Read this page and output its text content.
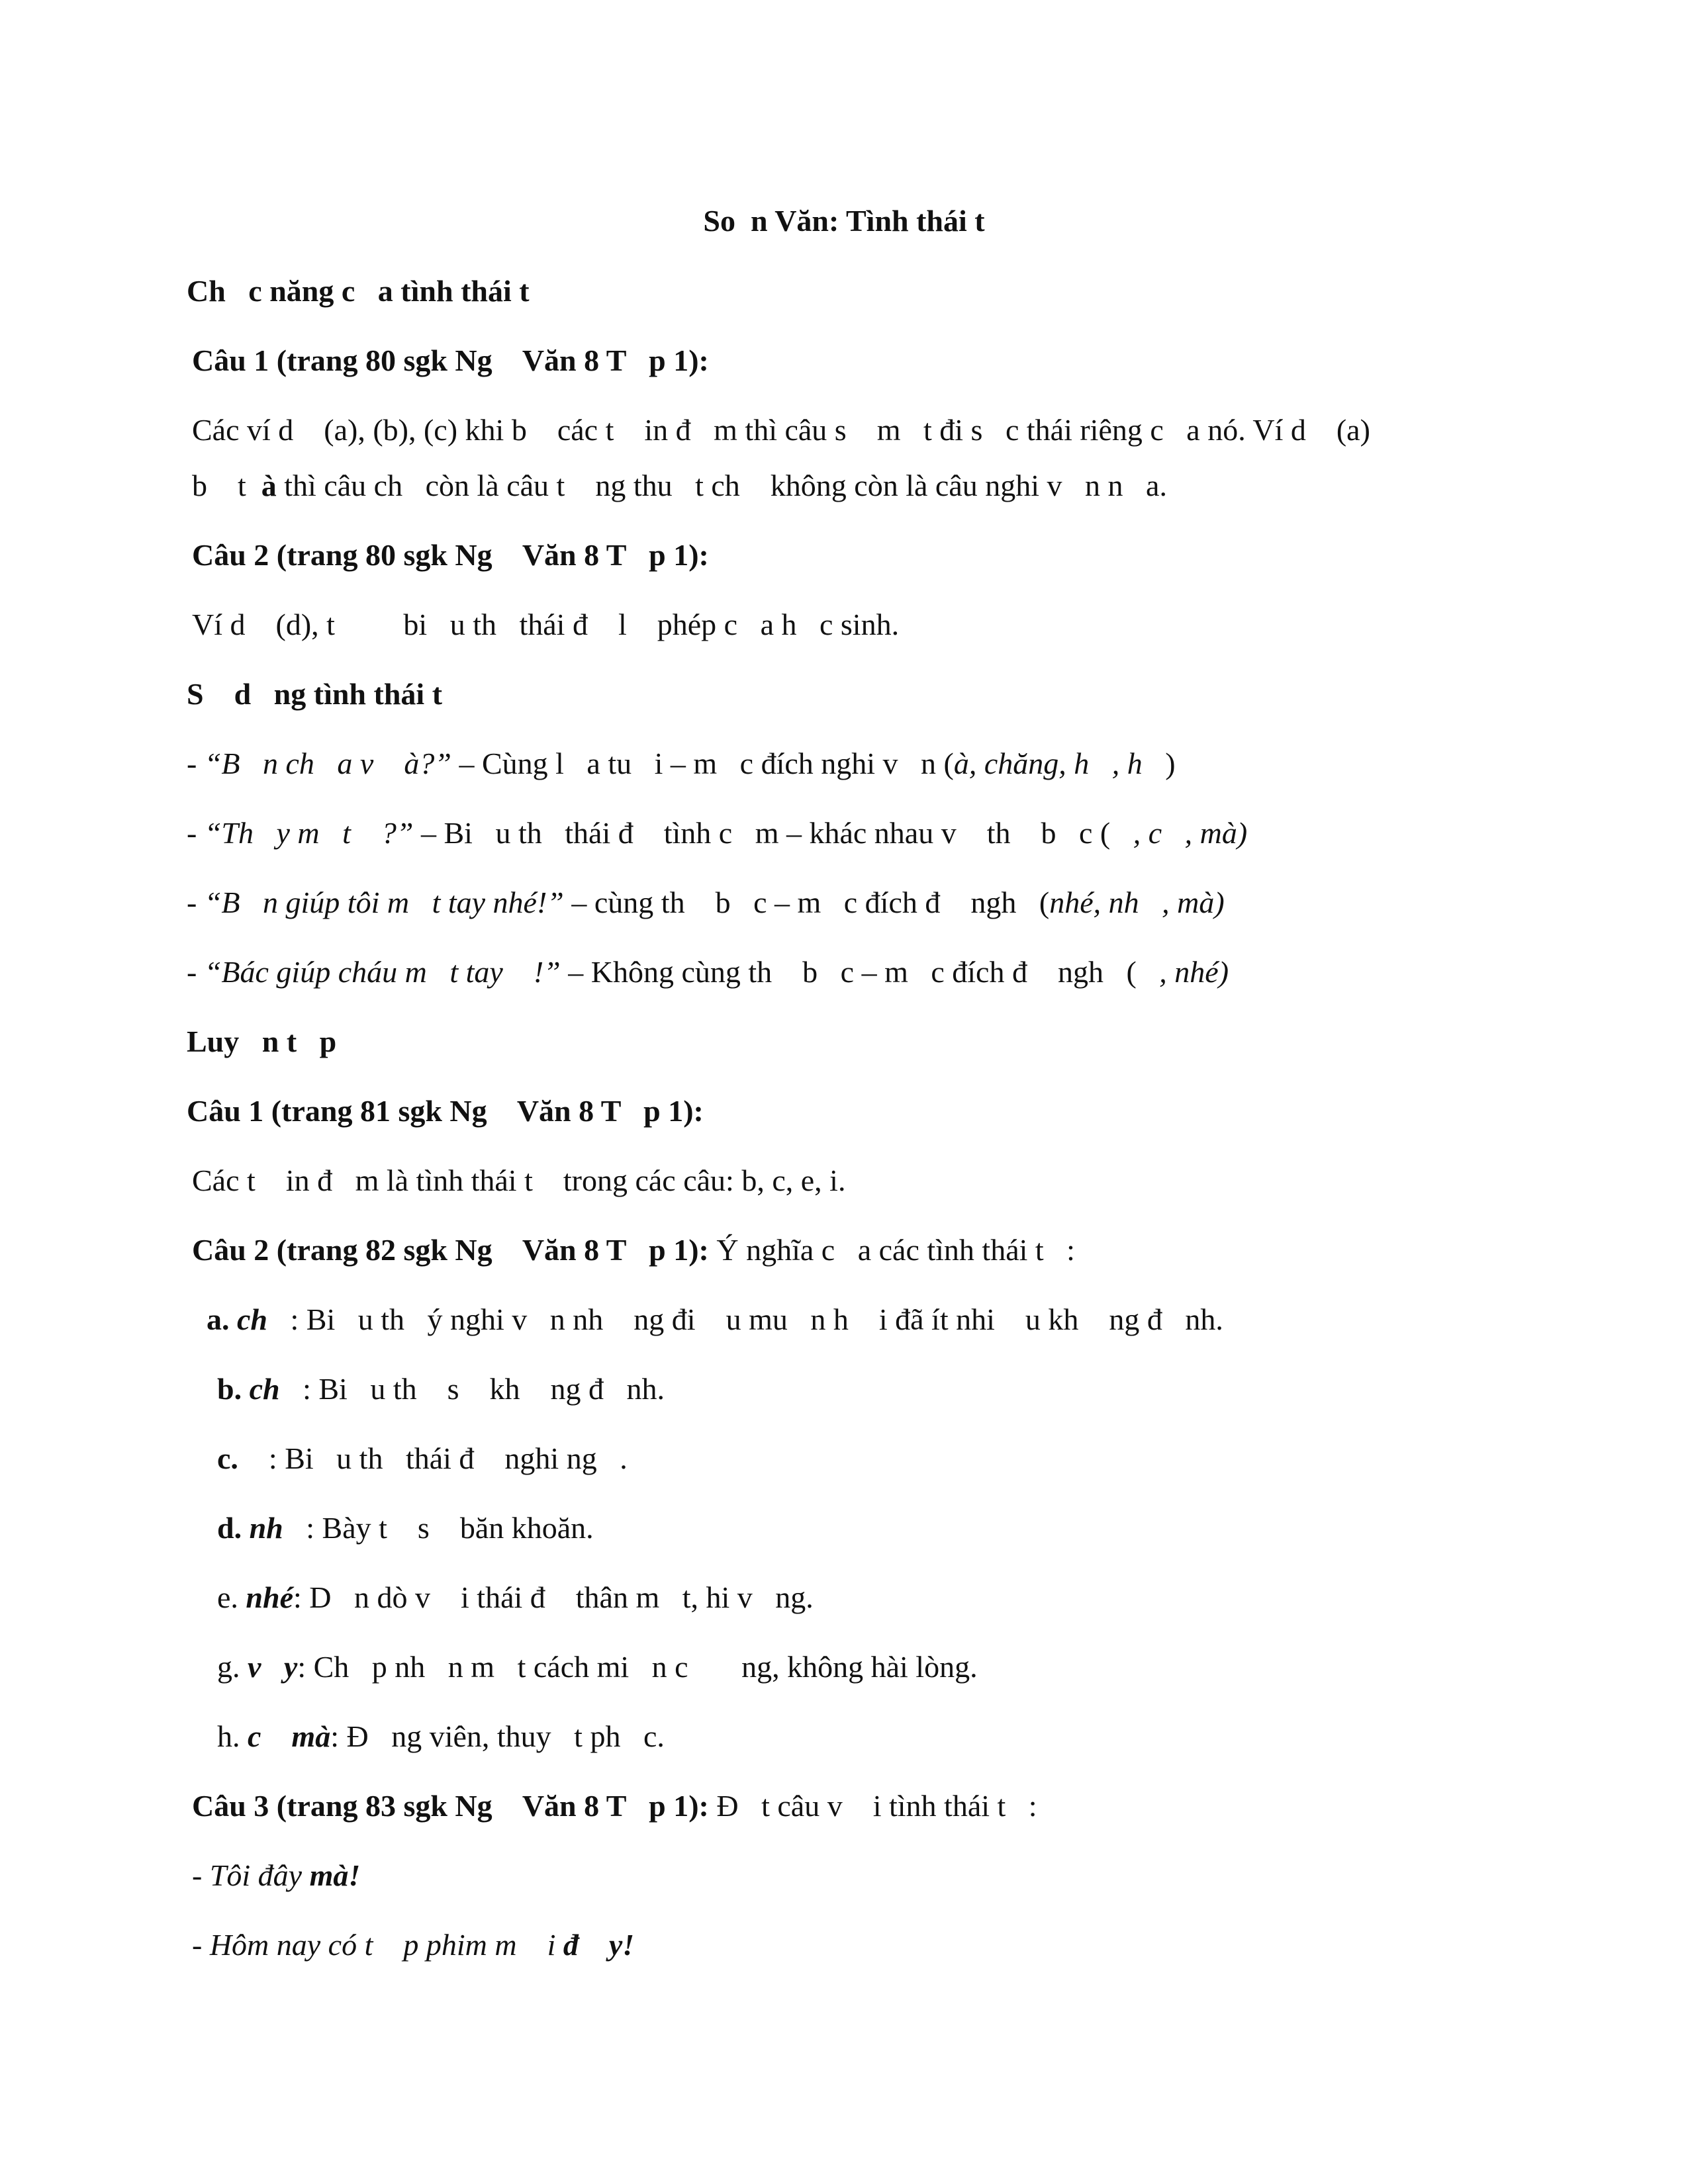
So  n Văn: Tình thái t
Ch   c năng c   a tình thái t
Câu 1 (trang 80 sgk Ng    Văn 8 T   p 1):
Các ví d    (a), (b), (c) khi b    các t    in đ   m thì câu s    m   t đi s   c thái riêng c   a nó. Ví d    (a)
b    t  à thì câu ch   còn là câu t    ng thu   t ch    không còn là câu nghi v   n n   a.
Câu 2 (trang 80 sgk Ng    Văn 8 T   p 1):
Ví d    (d), t         bi   u th   thái đ    l    phép c   a h   c sinh.
S    d   ng tình thái t
- “B   n ch   a v    à?” – Cùng l   a tu   i – m   c đích nghi v   n (à, chăng, h   , h   )
- “Th   y m   t    ?” – Bi   u th   thái đ    tình c   m – khác nhau v    th    b   c (   , c   , mà)
- “B   n giúp tôi m   t tay nhé!” – cùng th    b   c – m   c đích đ    ngh   (nhé, nh   , mà)
- “Bác giúp cháu m   t tay    !” – Không cùng th    b   c – m   c đích đ    ngh   (   , nhé)
Luy   n t   p
Câu 1 (trang 81 sgk Ng    Văn 8 T   p 1):
Các t    in đ   m là tình thái t    trong các câu: b, c, e, i.
Câu 2 (trang 82 sgk Ng    Văn 8 T   p 1): Ý nghĩa c   a các tình thái t   :
a. ch   : Bi   u th   ý nghi v   n nh    ng đi    u mu   n h    i đã ít nhi    u kh    ng đ   nh.
b. ch   : Bi   u th    s    kh    ng đ   nh.
c. : Bi   u th   thái đ    nghi ng   .
d. nh   : Bày t    s    băn khoăn.
e. nhé: D   n dò v    i thái đ    thân m   t, hi v   ng.
g. v   y: Ch   p nh   n m   t cách mi   n c       ng, không hài lòng.
h. c    mà: Đ   ng viên, thuy   t ph   c.
Câu 3 (trang 83 sgk Ng    Văn 8 T   p 1): Đ   t câu v    i tình thái t   :
- Tôi đây mà!
- Hôm nay có t    p phim m    i đ    y!
